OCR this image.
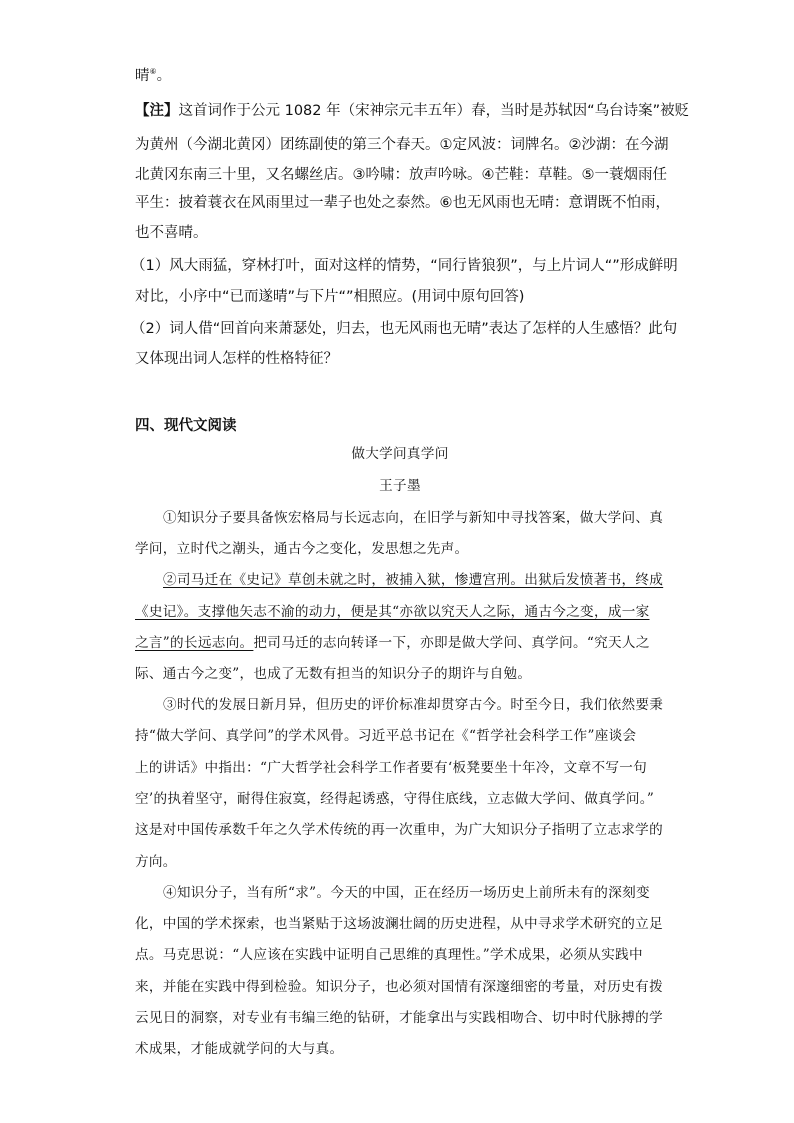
晴⑥。
【注】这首词作于公元 1082 年（宋神宗元丰五年）春，当时是苏轼因“乌台诗案”被贬
为黄州（今湖北黄冈）团练副使的第三个春天。①定风波：词牌名。②沙湖：在今湖
北黄冈东南三十里，又名螺丝店。③吟啸：放声吟咏。④芒鞋：草鞋。⑤一蓑烟雨任
平生：披着蓑衣在风雨里过一辈子也处之泰然。⑥也无风雨也无晴：意谓既不怕雨，
也不喜晴。
（1）风大雨猛，穿林打叶，面对这样的情势，“同行皆狼狈”，与上片词人“”形成鲜明
对比，小序中“已而遂晴”与下片“”相照应。(用词中原句回答)
（2）词人借“回首向来萧瑟处，归去，也无风雨也无晴”表达了怎样的人生感悟？此句
又体现出词人怎样的性格特征？
四、现代文阅读
做大学问真学问
王子墨
①知识分子要具备恢宏格局与长远志向，在旧学与新知中寻找答案，做大学问、真
学问，立时代之潮头，通古今之变化，发思想之先声。
②司马迁在《史记》草创未就之时，被捕入狱，惨遭宫刑。出狱后发愤著书，终成
《史记》。支撑他矢志不渝的动力，便是其“亦欲以究天人之际，通古今之变，成一家
之言”的长远志向。把司马迁的志向转译一下，亦即是做大学问、真学问。“究天人之
际、通古今之变”，也成了无数有担当的知识分子的期许与自勉。
③时代的发展日新月异，但历史的评价标准却贯穿古今。时至今日，我们依然要秉
持“做大学问、真学问”的学术风骨。习近平总书记在《“哲学社会科学工作”座谈会
上的讲话》中指出：“广大哲学社会科学工作者要有‘板凳要坐十年冷，文章不写一句
空’的执着坚守，耐得住寂寞，经得起诱惑，守得住底线，立志做大学问、做真学问。”
这是对中国传承数千年之久学术传统的再一次重申，为广大知识分子指明了立志求学的
方向。
④知识分子，当有所“求”。今天的中国，正在经历一场历史上前所未有的深刻变
化，中国的学术探索，也当紧贴于这场波澜壮阔的历史进程，从中寻求学术研究的立足
点。马克思说：“人应该在实践中证明自己思维的真理性。”学术成果，必须从实践中
来，并能在实践中得到检验。知识分子，也必须对国情有深邃细密的考量，对历史有拨
云见日的洞察，对专业有韦编三绝的钻研，才能拿出与实践相吻合、切中时代脉搏的学
术成果，才能成就学问的大与真。
